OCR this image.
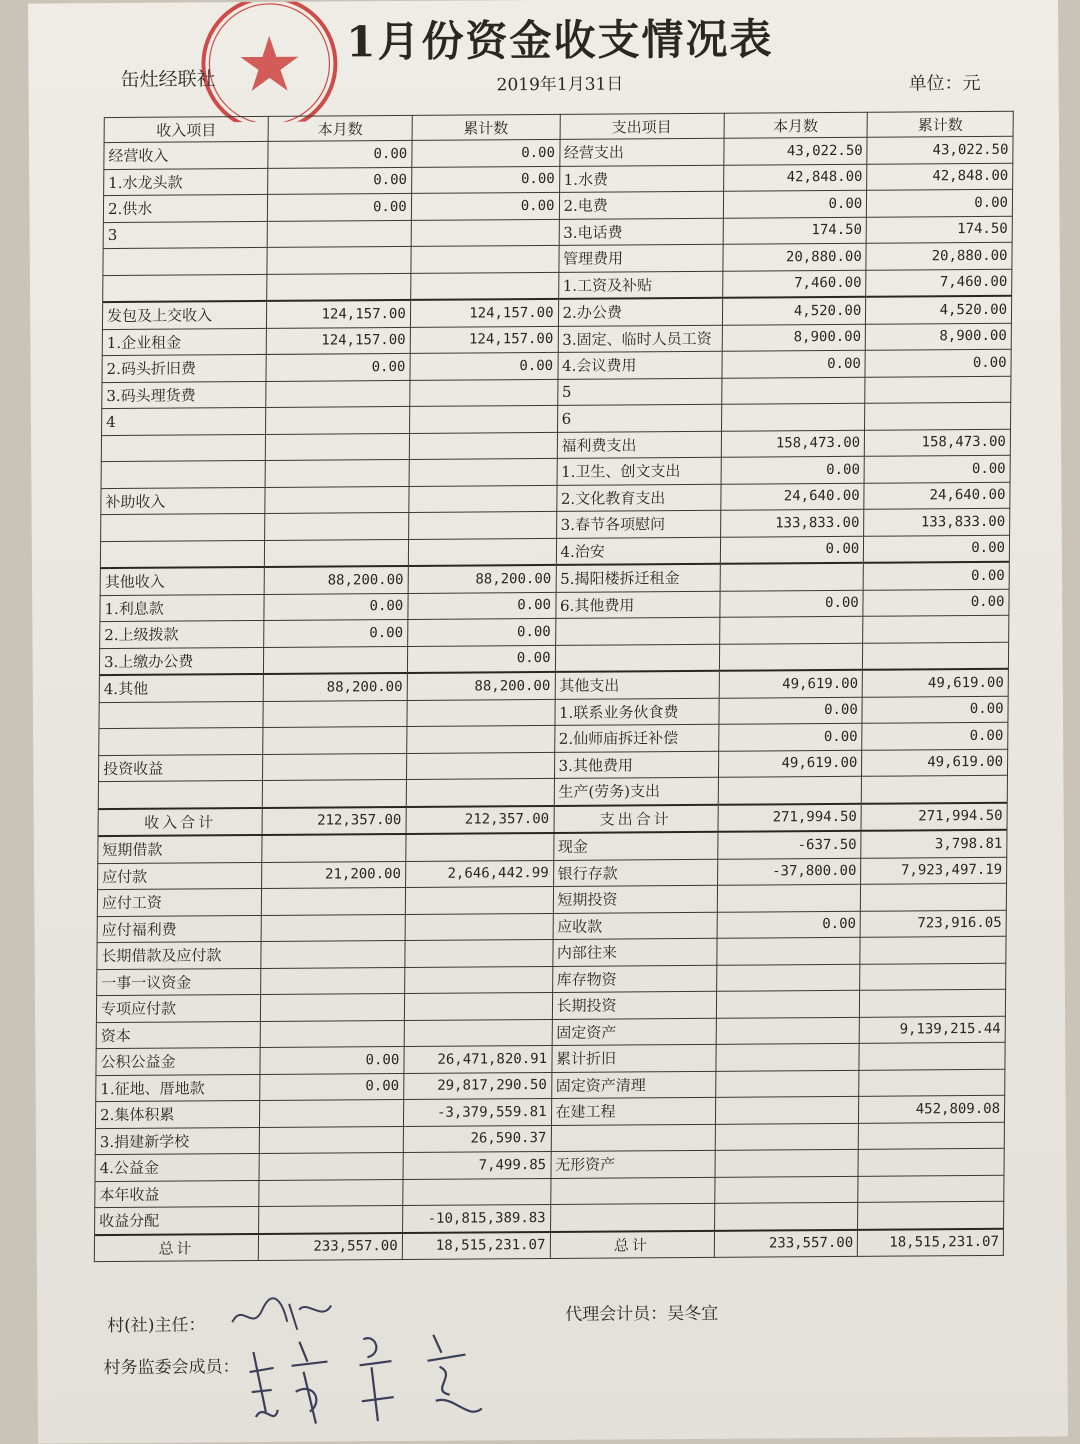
1月份资金收支情况表
缶灶经联社	2019年1月31日	单位：元
收入项目	本月数	累计数	支出项目	本月数	累计数
经营收入	0.00	0.00	经营支出	43,022.50	43,022.50
1.水龙头款	0.00	0.00	1.水费	42,848.00	42,848.00
2.供水	0.00	0.00	2.电费	0.00	0.00
3			3.电话费	174.50	174.50
			管理费用	20,880.00	20,880.00
			1.工资及补贴	7,460.00	7,460.00
发包及上交收入	124,157.00	124,157.00	2.办公费	4,520.00	4,520.00
1.企业租金	124,157.00	124,157.00	3.固定、临时人员工资	8,900.00	8,900.00
2.码头折旧费	0.00	0.00	4.会议费用	0.00	0.00
3.码头理货费			5		
4			6		
			福利费支出	158,473.00	158,473.00
			1.卫生、创文支出	0.00	0.00
补助收入			2.文化教育支出	24,640.00	24,640.00
			3.春节各项慰问	133,833.00	133,833.00
			4.治安	0.00	0.00
其他收入	88,200.00	88,200.00	5.揭阳楼拆迁租金		0.00
1.利息款	0.00	0.00	6.其他费用	0.00	0.00
2.上级拨款	0.00	0.00			
3.上缴办公费		0.00			
4.其他	88,200.00	88,200.00	其他支出	49,619.00	49,619.00
			1.联系业务伙食费	0.00	0.00
			2.仙师庙拆迁补偿	0.00	0.00
投资收益			3.其他费用	49,619.00	49,619.00
			生产(劳务)支出		
收入合计	212,357.00	212,357.00	支出合计	271,994.50	271,994.50
短期借款			现金	-637.50	3,798.81
应付款	21,200.00	2,646,442.99	银行存款	-37,800.00	7,923,497.19
应付工资			短期投资		
应付福利费			应收款	0.00	723,916.05
长期借款及应付款			内部往来		
一事一议资金			库存物资		
专项应付款			长期投资		
资本			固定资产		9,139,215.44
公积公益金	0.00	26,471,820.91	累计折旧		
1.征地、厝地款	0.00	29,817,290.50	固定资产清理		
2.集体积累		-3,379,559.81	在建工程		452,809.08
3.捐建新学校		26,590.37			
4.公益金		7,499.85	无形资产		
本年收益					
收益分配		-10,815,389.83			
总计	233,557.00	18,515,231.07	总计	233,557.00	18,515,231.07
村(社)主任：
代理会计员：吴冬宜
村务监委会成员：
